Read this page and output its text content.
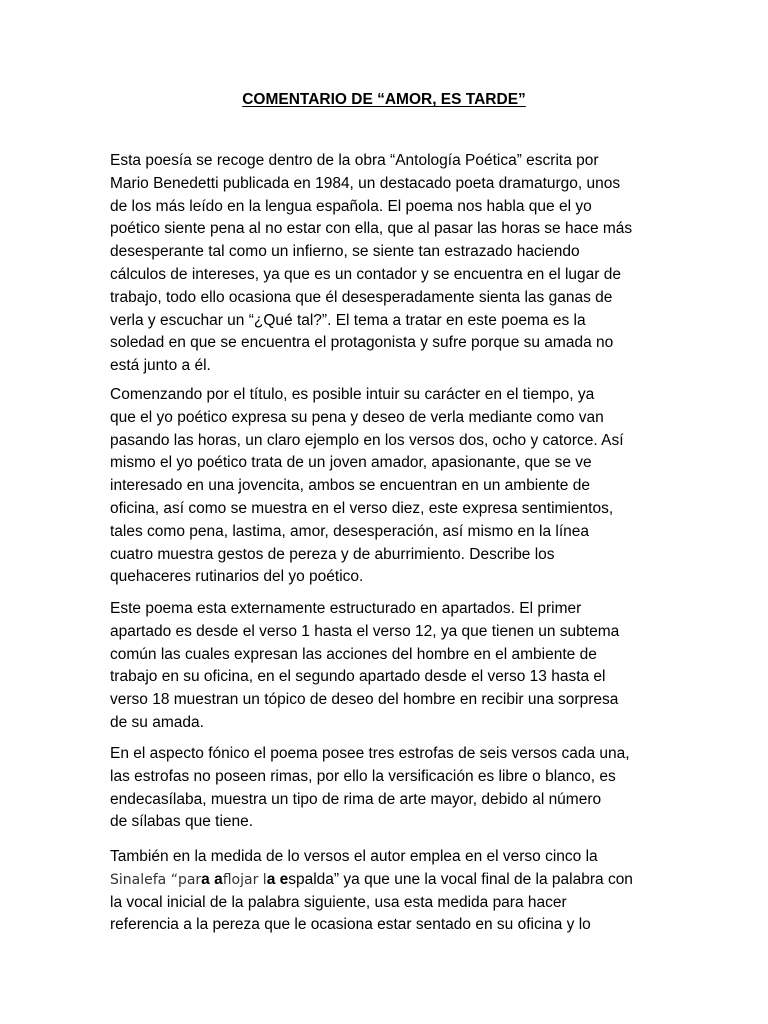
COMENTARIO DE “AMOR, ES TARDE”

Esta poesía se recoge dentro de la obra “Antología Poética” escrita por
Mario Benedetti publicada en 1984, un destacado poeta dramaturgo, unos
de los más leído en la lengua española. El poema nos habla que el yo
poético siente pena al no estar con ella, que al pasar las horas se hace más
desesperante tal como un infierno, se siente tan estrazado haciendo
cálculos de intereses, ya que es un contador y se encuentra en el lugar de
trabajo, todo ello ocasiona que él desesperadamente sienta las ganas de
verla y escuchar un “¿Qué tal?”. El tema a tratar en este poema es la
soledad en que se encuentra el protagonista y sufre porque su amada no
está junto a él.

Comenzando por el título, es posible intuir su carácter en el tiempo, ya
que el yo poético expresa su pena y deseo de verla mediante como van
pasando las horas, un claro ejemplo en los versos dos, ocho y catorce. Así
mismo el yo poético trata de un joven amador, apasionante, que se ve
interesado en una jovencita, ambos se encuentran en un ambiente de
oficina, así como se muestra en el verso diez, este expresa sentimientos,
tales como pena, lastima, amor, desesperación, así mismo en la línea
cuatro muestra gestos de pereza y de aburrimiento. Describe los
quehaceres rutinarios del yo poético.

Este poema esta externamente estructurado en apartados. El primer
apartado es desde el verso 1 hasta el verso 12, ya que tienen un subtema
común las cuales expresan las acciones del hombre en el ambiente de
trabajo en su oficina, en el segundo apartado desde el verso 13 hasta el
verso 18 muestran un tópico de deseo del hombre en recibir una sorpresa
de su amada.

En el aspecto fónico el poema posee tres estrofas de seis versos cada una,
las estrofas no poseen rimas, por ello la versificación es libre o blanco, es
endecasílaba, muestra un tipo de rima de arte mayor, debido al número
de sílabas que tiene.

También en la medida de lo versos el autor emplea en el verso cinco la
Sinalefa “para aflojar la espalda” ya que une la vocal final de la palabra con
la vocal inicial de la palabra siguiente, usa esta medida para hacer
referencia a la pereza que le ocasiona estar sentado en su oficina y lo
